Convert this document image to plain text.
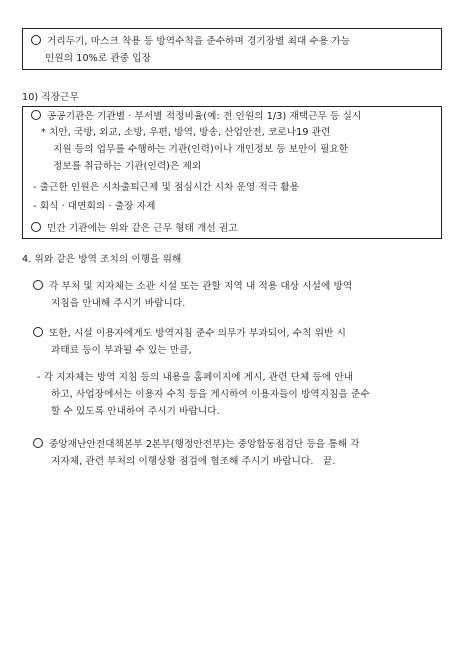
거리두기, 마스크 착용 등 방역수칙을 준수하며 경기장별 최대 수용 가능
인원의 10%로 관중 입장
10) 직장근무
공공기관은 기관별 · 부서별 적정비율(예: 전 인원의 1/3) 재택근무 등 실시
* 치안, 국방, 외교, 소방, 우편, 방역, 방송, 산업안전, 코로나19 관련
지원 등의 업무를 수행하는 기관(인력)이나 개인정보 등 보안이 필요한
정보를 취급하는 기관(인력)은 제외
- 출근한 인원은 시차출퇴근제 및 점심시간 시차 운영 적극 활용
- 회식 · 대면회의 · 출장 자제
민간 기관에는 위와 같은 근무 형태 개선 권고
4. 위와 같은 방역 조치의 이행을 위해
각 부처 및 지자체는 소관 시설 또는 관할 지역 내 적용 대상 시설에 방역
지침을 안내해 주시기 바랍니다.
또한, 시설 이용자에게도 방역지침 준수 의무가 부과되어, 수칙 위반 시
과태료 등이 부과될 수 있는 만큼,
- 각 지자체는 방역 지침 등의 내용을 홈페이지에 게시, 관련 단체 등에 안내
하고, 사업장에서는 이용자 수칙 등을 게시하여 이용자들이 방역지침을 준수
할 수 있도록 안내하여 주시기 바랍니다.
중앙재난안전대책본부 2본부(행정안전부)는 중앙합동점검단 등을 통해 각
지자체, 관련 부처의 이행상황 점검에 협조해 주시기 바랍니다. 끝.
